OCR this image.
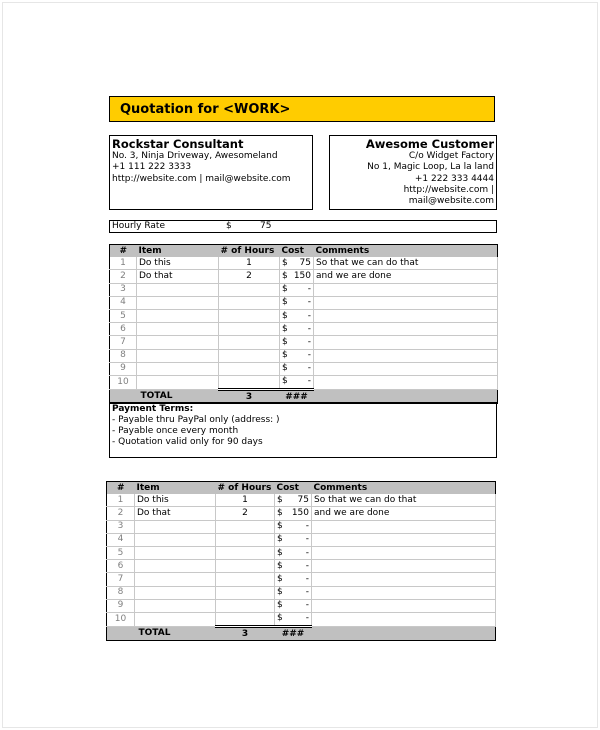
Quotation for <WORK>
Rockstar Consultant
No. 3, Ninja Driveway, Awesomeland
+1 111 222 3333
http://website.com | mail@website.com
Awesome Customer
C/o Widget Factory
No 1, Magic Loop, La la land
+1 222 333 4444
http://website.com |
mail@website.com
Hourly Rate	$	75
#	Item	# of Hours	Cost	Comments
1	Do this	1	$ 75	So that we can do that
2	Do that	2	$ 150	and we are done
3			$ -	

4			$ -	

5			$ -	

6			$ -	

7			$ -	

8			$ -	

9			$ -	

10			$ -	

	TOTAL	3	###	
Payment Terms:
- Payable thru PayPal only (address: )
- Payable once every month
- Quotation valid only for 90 days
#	Item	# of Hours	Cost	Comments
1	Do this	1	$ 75	So that we can do that
2	Do that	2	$ 150	and we are done
3			$ -	

4			$ -	

5			$ -	

6			$ -	

7			$ -	

8			$ -	

9			$ -	

10			$ -	

	TOTAL	3	###	
